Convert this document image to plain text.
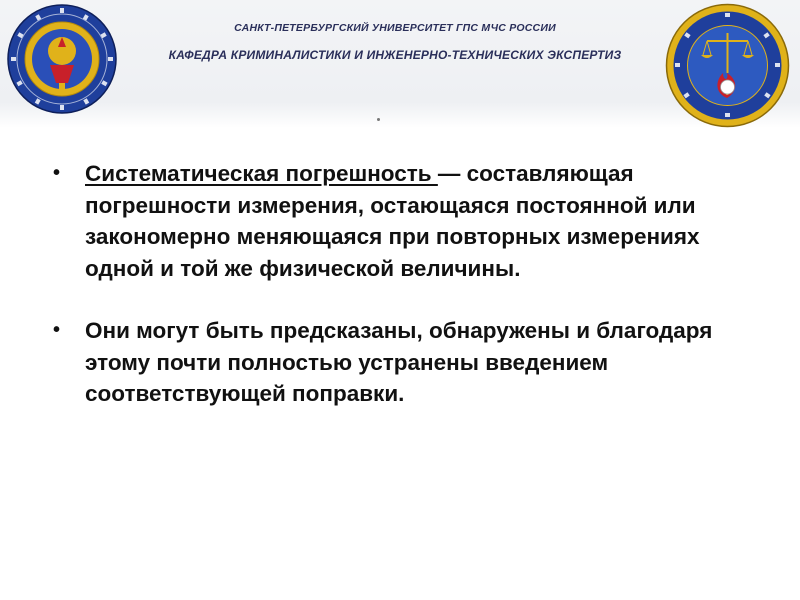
САНКТ-ПЕТЕРБУРГСКИЙ УНИВЕРСИТЕТ ГПС МЧС РОССИИ
КАФЕДРА КРИМИНАЛИСТИКИ И ИНЖЕНЕРНО-ТЕХНИЧЕСКИХ ЭКСПЕРТИЗ
• Систематическая погрешность — составляющая погрешности измерения, остающаяся постоянной или закономерно меняющаяся при повторных измерениях одной и той же физической величины.
• Они могут быть предсказаны, обнаружены и благодаря этому почти полностью устранены введением соответствующей поправки.
